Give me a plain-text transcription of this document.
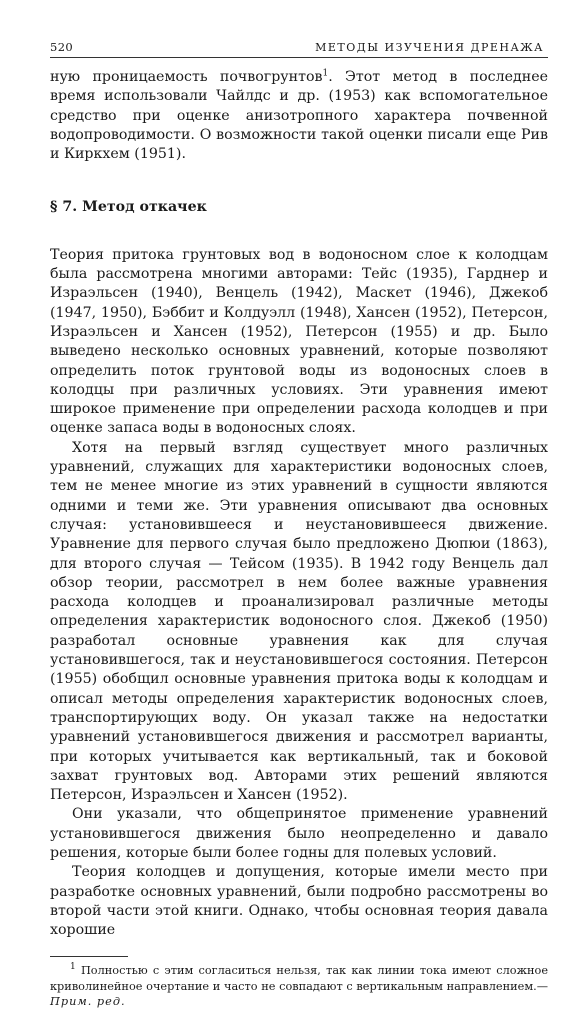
520	МЕТОДЫ ИЗУЧЕНИЯ ДРЕНАЖА

ную проницаемость почвогрунтов$^1$. Этот метод в последнее время использовали Чайлдс и др. (1953) как вспомогательное средство при оценке анизотропного характера почвенной водопроводимости. О возможности такой оценки писали еще Рив и Киркхем (1951).

§ 7. Метод откачек

Теория притока грунтовых вод в водоносном слое к колодцам была рассмотрена многими авторами: Тейс (1935), Гарднер и Израэльсен (1940), Венцель (1942), Маскет (1946), Джекоб (1947, 1950), Бэббит и Колдуэлл (1948), Хансен (1952), Петерсон, Израэльсен и Хансен (1952), Петерсон (1955) и др. Было выведено несколько основных уравнений, которые позволяют определить поток грунтовой воды из водоносных слоев в колодцы при различных условиях. Эти уравнения имеют широкое применение при определении расхода колодцев и при оценке запаса воды в водоносных слоях.

Хотя на первый взгляд существует много различных уравнений, служащих для характеристики водоносных слоев, тем не менее многие из этих уравнений в сущности являются одними и теми же. Эти уравнения описывают два основных случая: установившееся и неустановившееся движение. Уравнение для первого случая было предложено Дюпюи (1863), для второго случая — Тейсом (1935). В 1942 году Венцель дал обзор теории, рассмотрел в нем более важные уравнения расхода колодцев и проанализировал различные методы определения характеристик водоносного слоя. Джекоб (1950) разработал основные уравнения как для случая установившегося, так и неустановившегося состояния. Петерсон (1955) обобщил основные уравнения притока воды к колодцам и описал методы определения характеристик водоносных слоев, транспортирующих воду. Он указал также на недостатки уравнений установившегося движения и рассмотрел варианты, при которых учитывается как вертикальный, так и боковой захват грунтовых вод. Авторами этих решений являются Петерсон, Израэльсен и Хансен (1952).

Они указали, что общепринятое применение уравнений установившегося движения было неопределенно и давало решения, которые были более годны для полевых условий.

Теория колодцев и допущения, которые имели место при разработке основных уравнений, были подробно рассмотрены во второй части этой книги. Однако, чтобы основная теория давала хорошие

$^1$ Полностью с этим согласиться нельзя, так как линии тока имеют сложное криволинейное очертание и часто не совпадают с вертикальным направлением.— Прим. ред.
